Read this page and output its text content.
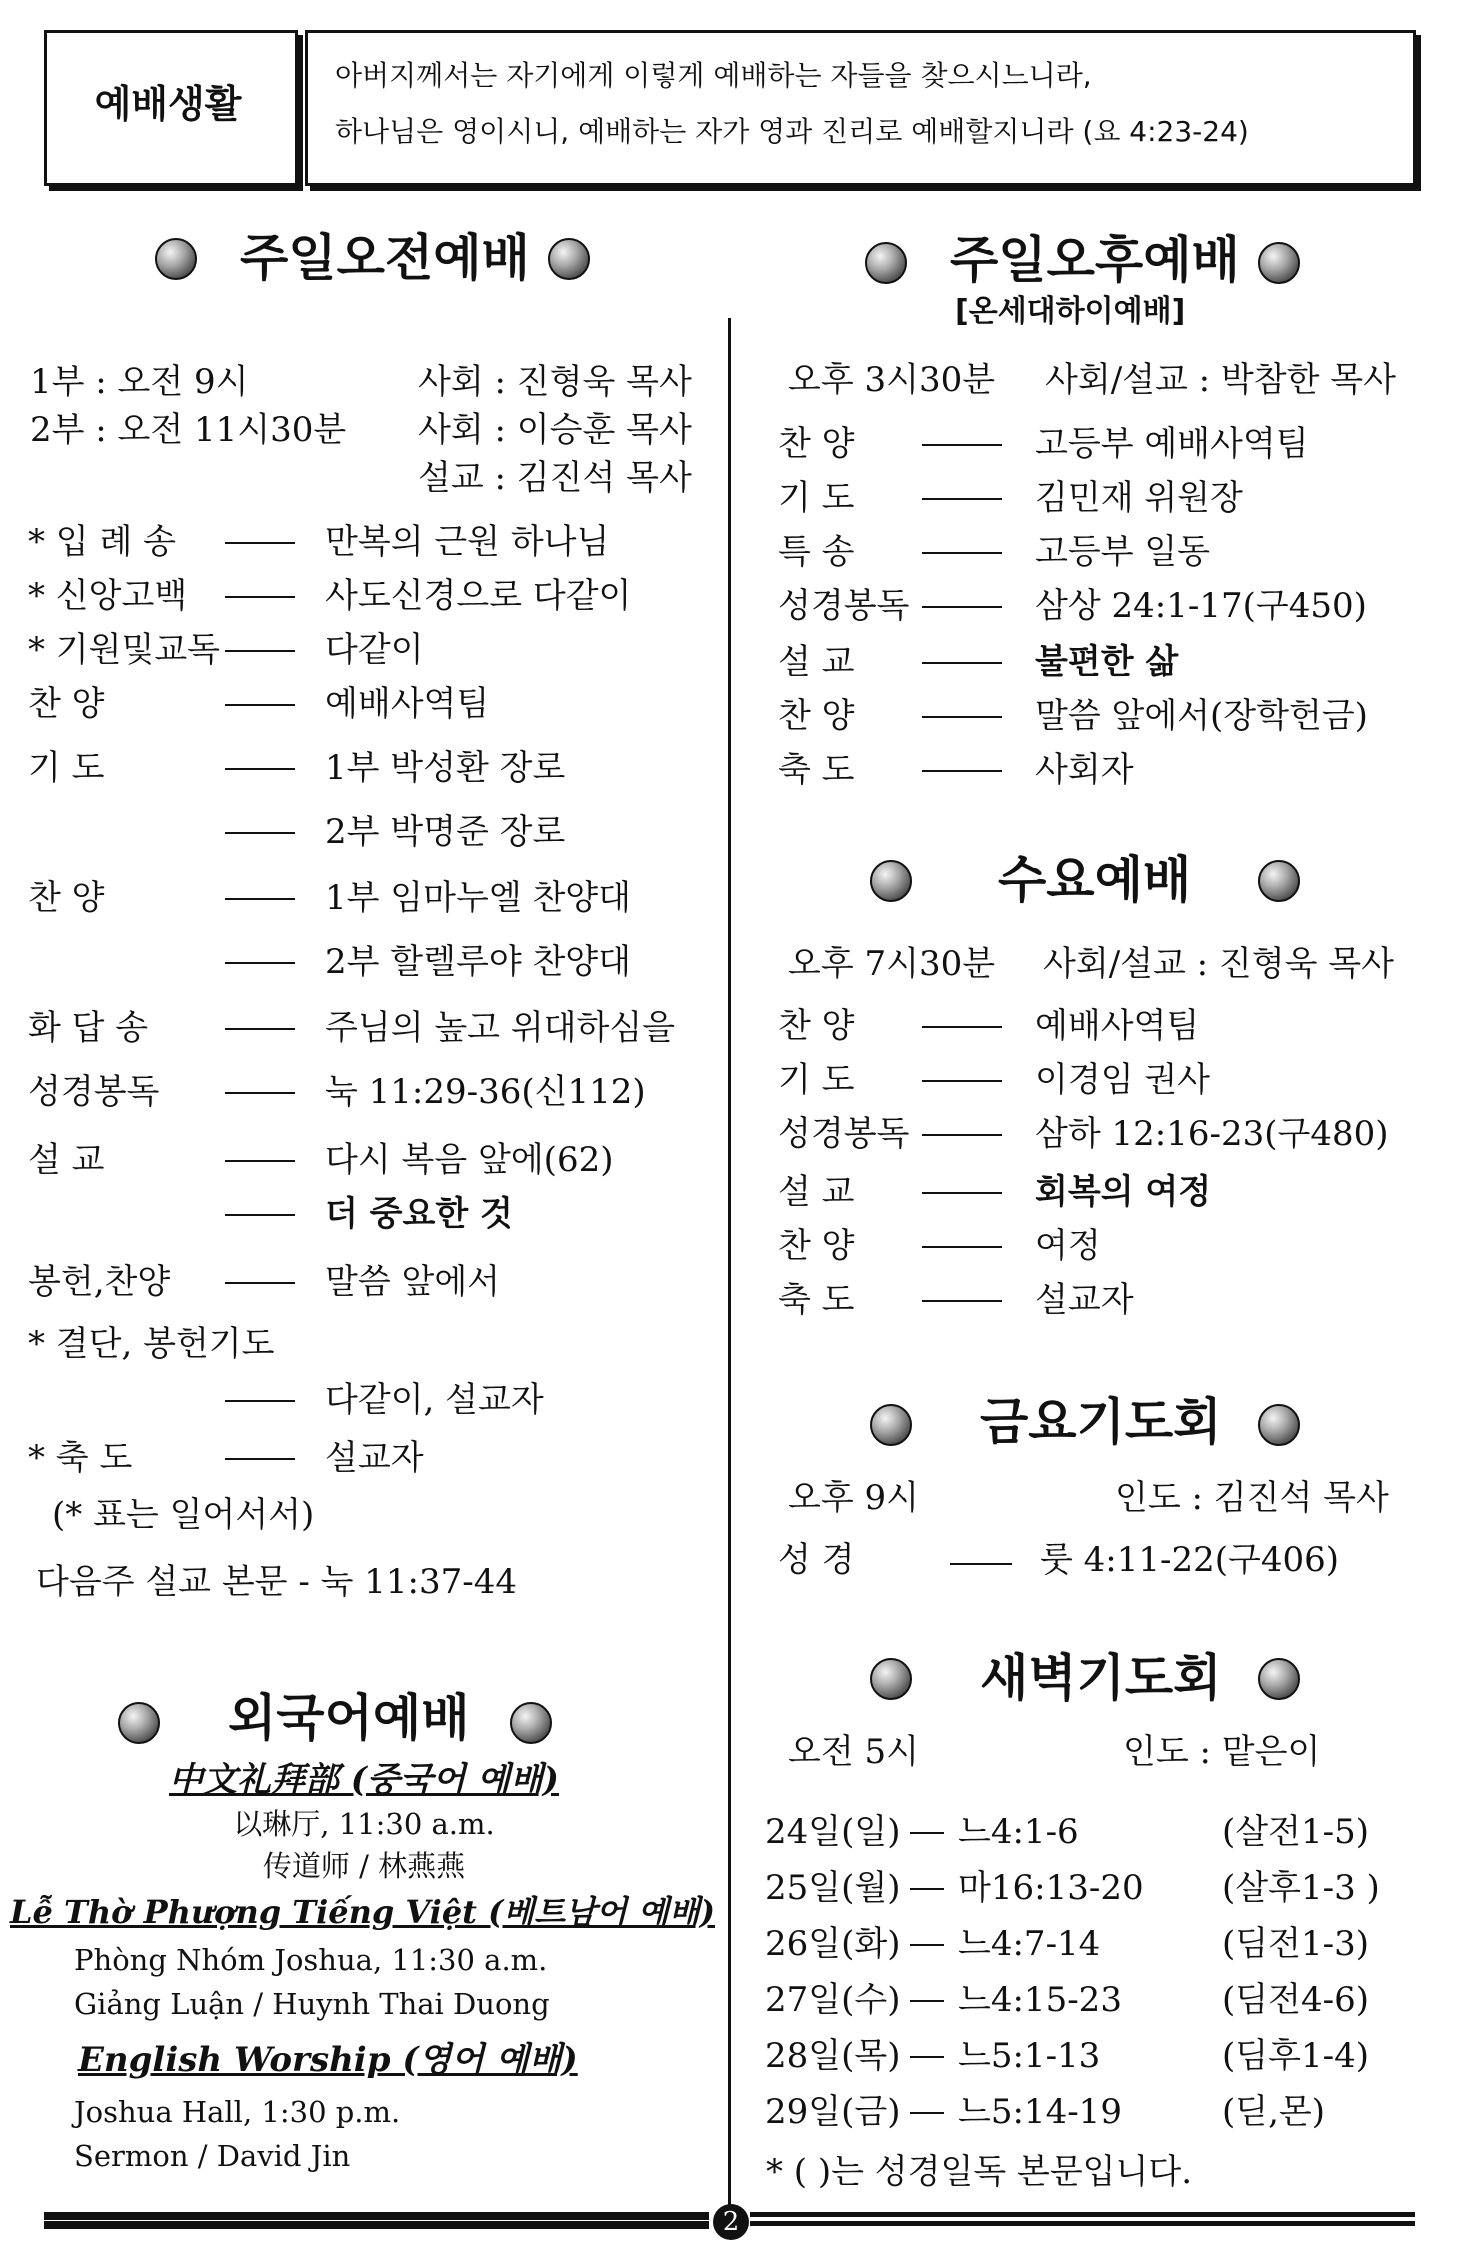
예배생활
아버지께서는 자기에게 이렇게 예배하는 자들을 찾으시느니라,
하나님은 영이시니, 예배하는 자가 영과 진리로 예배할지니라 (요 4:23-24)
주일오전예배
1부 : 오전 9시	사회 : 진형욱 목사
2부 : 오전 11시30분 사회 : 이승훈 목사
설교 : 김진석 목사
(* 표는 일어서서)
다음주 설교 본문 - 눅 11:37-44
외국어예배
中文礼拜部 (중국어 예배)
以琳厅, 11:30 a.m.
传道师 / 林燕燕
Lễ Thờ Phượng Tiếng Việt (베트남어 예배)
Phòng Nhóm Joshua, 11:30 a.m.
Giảng Luận / Huynh Thai Duong
English Worship (영어 예배)
Joshua Hall, 1:30 p.m.
Sermon / David Jin
주일오후예배
[온세대하이예배]
오후 3시30분 사회/설교 : 박참한 목사
수요예배
오후 7시30분 사회/설교 : 진형욱 목사
금요기도회
오후 9시	인도 : 김진석 목사
성 경	룻 4:11-22(구406)
새벽기도회
오전 5시	인도 : 맡은이
* ( )는 성경일독 본문입니다.
2
* 입 례 송	만복의 근원 하나님
* 신앙고백	사도신경으로 다같이
* 기원및교독	다같이
찬 양	예배사역팀
기 도	1부 박성환 장로
2부 박명준 장로
찬 양	1부 임마누엘 찬양대
2부 할렐루야 찬양대
화 답 송	주님의 높고 위대하심을
성경봉독	눅 11:29-36(신112)
설 교	다시 복음 앞에(62)
더 중요한 것
봉헌,찬양	말씀 앞에서
* 결단, 봉헌기도
다같이, 설교자
* 축 도	설교자
찬 양	고등부 예배사역팀
기 도	김민재 위원장
특 송	고등부 일동
성경봉독	삼상 24:1-17(구450)
설 교	불편한 삶
찬 양	말씀 앞에서(장학헌금)
축 도	사회자
찬 양	예배사역팀
기 도	이경임 권사
성경봉독	삼하 12:16-23(구480)
설 교	회복의 여정
찬 양	여정
축 도	설교자
24일(일) 느4:1-6	(살전1-5)
25일(월) 마16:13-20 (살후1-3 )
26일(화) 느4:7-14	(딤전1-3)
27일(수) 느4:15-23	(딤전4-6)
28일(목) 느5:1-13	(딤후1-4)
29일(금) 느5:14-19	(딛,몬)
